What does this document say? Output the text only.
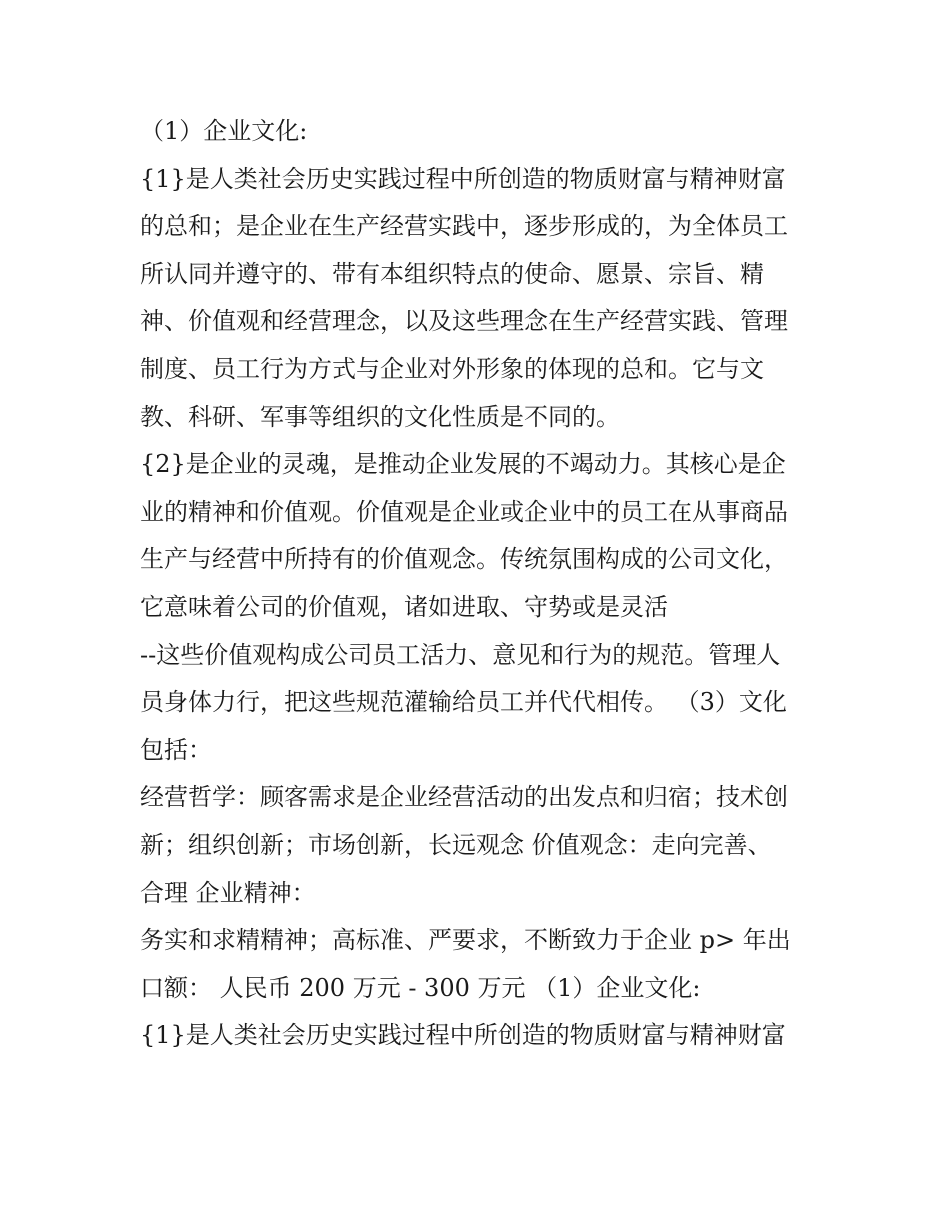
（1）企业文化:
{1}是人类社会历史实践过程中所创造的物质财富与精神财富
的总和；是企业在生产经营实践中，逐步形成的，为全体员工
所认同并遵守的、带有本组织特点的使命、愿景、宗旨、精
神、价值观和经营理念，以及这些理念在生产经营实践、管理
制度、员工行为方式与企业对外形象的体现的总和。它与文
教、科研、军事等组织的文化性质是不同的。
{2}是企业的灵魂，是推动企业发展的不竭动力。其核心是企
业的精神和价值观。价值观是企业或企业中的员工在从事商品
生产与经营中所持有的价值观念。传统氛围构成的公司文化，
它意味着公司的价值观，诸如进取、守势或是灵活
--这些价值观构成公司员工活力、意见和行为的规范。管理人
员身体力行，把这些规范灌输给员工并代代相传。 （3）文化
包括：
经营哲学：顾客需求是企业经营活动的出发点和归宿；技术创
新；组织创新；市场创新，长远观念 价值观念：走向完善、
合理 企业精神：
务实和求精精神；高标准、严要求，不断致力于企业 p> 年出
口额： 人民币 200 万元 - 300 万元 （1）企业文化:
{1}是人类社会历史实践过程中所创造的物质财富与精神财富
